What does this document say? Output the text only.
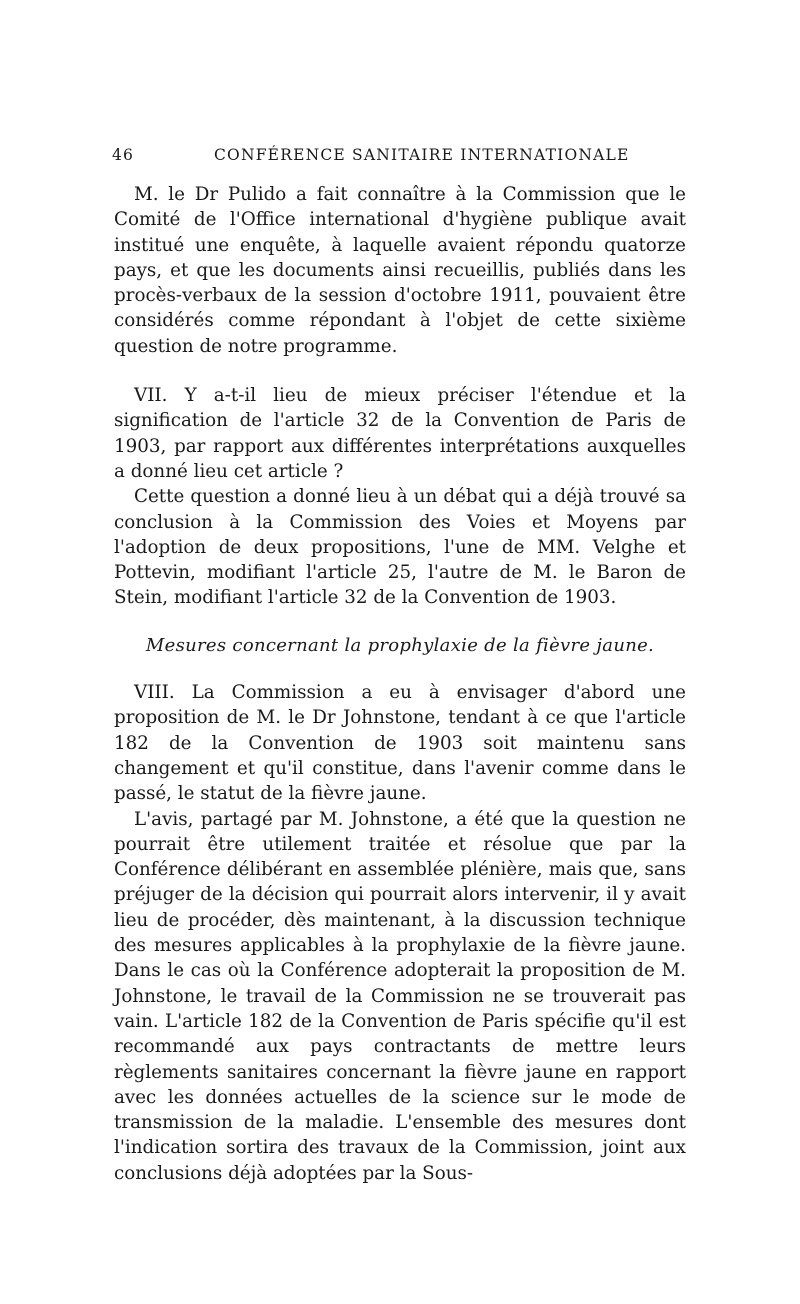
46	CONFÉRENCE SANITAIRE INTERNATIONALE

M. le Dr Pulido a fait connaître à la Commission que le Comité de l'Office international d'hygiène publique avait institué une enquête, à laquelle avaient répondu quatorze pays, et que les documents ainsi recueillis, publiés dans les procès-verbaux de la session d'octobre 1911, pouvaient être considérés comme répondant à l'objet de cette sixième question de notre programme.

VII. Y a-t-il lieu de mieux préciser l'étendue et la signification de l'article 32 de la Convention de Paris de 1903, par rapport aux différentes interprétations auxquelles a donné lieu cet article ?

Cette question a donné lieu à un débat qui a déjà trouvé sa conclusion à la Commission des Voies et Moyens par l'adoption de deux propositions, l'une de MM. Velghe et Pottevin, modifiant l'article 25, l'autre de M. le Baron de Stein, modifiant l'article 32 de la Convention de 1903.

Mesures concernant la prophylaxie de la fièvre jaune.

VIII. La Commission a eu à envisager d'abord une proposition de M. le Dr Johnstone, tendant à ce que l'article 182 de la Convention de 1903 soit maintenu sans changement et qu'il constitue, dans l'avenir comme dans le passé, le statut de la fièvre jaune.

L'avis, partagé par M. Johnstone, a été que la question ne pourrait être utilement traitée et résolue que par la Conférence délibérant en assemblée plénière, mais que, sans préjuger de la décision qui pourrait alors intervenir, il y avait lieu de procéder, dès maintenant, à la discussion technique des mesures applicables à la prophylaxie de la fièvre jaune. Dans le cas où la Conférence adopterait la proposition de M. Johnstone, le travail de la Commission ne se trouverait pas vain. L'article 182 de la Convention de Paris spécifie qu'il est recommandé aux pays contractants de mettre leurs règlements sanitaires concernant la fièvre jaune en rapport avec les données actuelles de la science sur le mode de transmission de la maladie. L'ensemble des mesures dont l'indication sortira des travaux de la Commission, joint aux conclusions déjà adoptées par la Sous-
